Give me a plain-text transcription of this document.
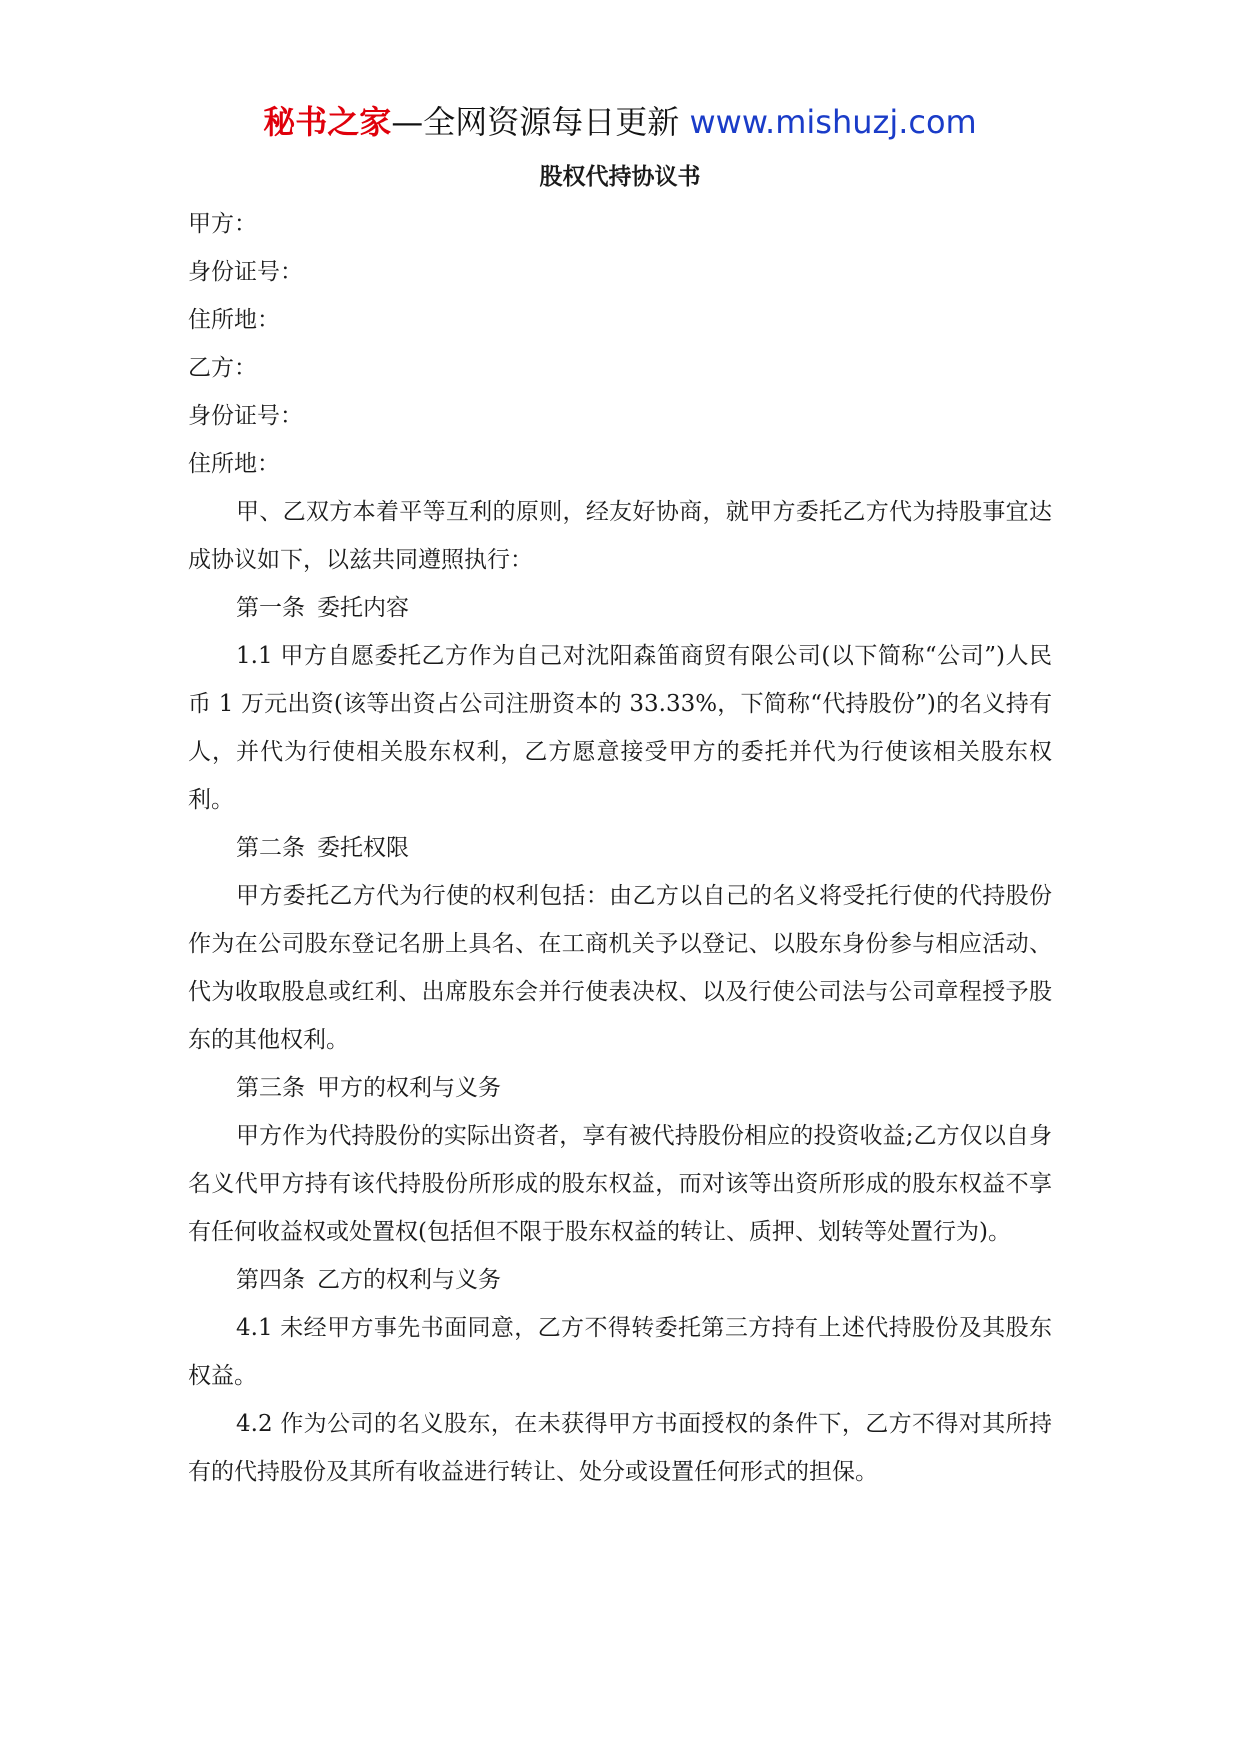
秘书之家—全网资源每日更新 www.mishuzj.com
股权代持协议书

甲方：

身份证号：

住所地：

乙方：

身份证号：

住所地：

甲、乙双方本着平等互利的原则，经友好协商，就甲方委托乙方代为持股事宜达成协议如下，以兹共同遵照执行：

第一条 委托内容

1.1 甲方自愿委托乙方作为自己对沈阳森笛商贸有限公司(以下简称“公司”)人民币 1 万元出资(该等出资占公司注册资本的 33.33%，下简称“代持股份”)的名义持有人，并代为行使相关股东权利，乙方愿意接受甲方的委托并代为行使该相关股东权利。

第二条 委托权限

甲方委托乙方代为行使的权利包括：由乙方以自己的名义将受托行使的代持股份作为在公司股东登记名册上具名、在工商机关予以登记、以股东身份参与相应活动、代为收取股息或红利、出席股东会并行使表决权、以及行使公司法与公司章程授予股东的其他权利。

第三条 甲方的权利与义务

甲方作为代持股份的实际出资者，享有被代持股份相应的投资收益;乙方仅以自身名义代甲方持有该代持股份所形成的股东权益，而对该等出资所形成的股东权益不享有任何收益权或处置权(包括但不限于股东权益的转让、质押、划转等处置行为)。

第四条 乙方的权利与义务

4.1 未经甲方事先书面同意，乙方不得转委托第三方持有上述代持股份及其股东权益。

4.2 作为公司的名义股东，在未获得甲方书面授权的条件下，乙方不得对其所持有的代持股份及其所有收益进行转让、处分或设置任何形式的担保。
